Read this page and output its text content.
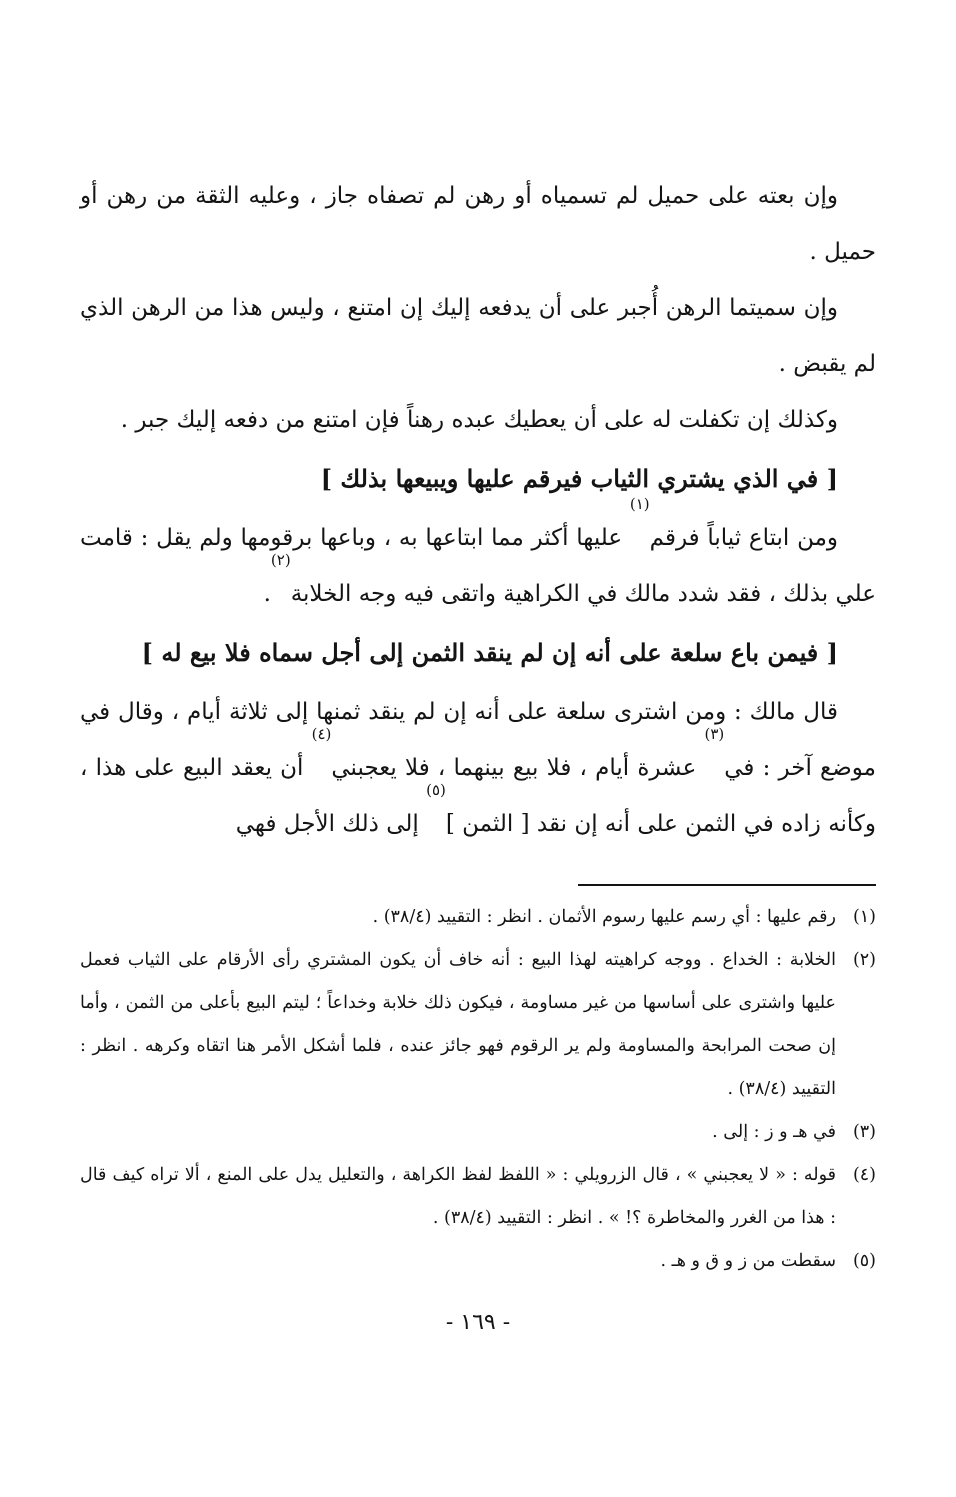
وإن بعته على حميل لم تسمياه أو رهن لم تصفاه جاز ، وعليه الثقة من رهن أو حميل .

وإن سميتما الرهن أُجبر على أن يدفعه إليك إن امتنع ، وليس هذا من الرهن الذي لم يقبض .

وكذلك إن تكفلت له على أن يعطيك عبده رهناً فإن امتنع من دفعه إليك جبر .

[ في الذي يشتري الثياب فيرقم عليها ويبيعها بذلك ]

ومن ابتاع ثياباً فرقم$^{(١)}$ عليها أكثر مما ابتاعها به ، وباعها برقومها ولم يقل : قامت علي بذلك ، فقد شدد مالك في الكراهية واتقى فيه وجه الخلابة$^{(٢)}$.

[ فيمن باع سلعة على أنه إن لم ينقد الثمن إلى أجل سماه فلا بيع له ]

قال مالك : ومن اشترى سلعة على أنه إن لم ينقد ثمنها إلى ثلاثة أيام ، وقال في موضع آخر : في$^{(٣)}$ عشرة أيام ، فلا بيع بينهما ، فلا يعجبني$^{(٤)}$ أن يعقد البيع على هذا ، وكأنه زاده في الثمن على أنه إن نقد [ الثمن ]$^{(٥)}$ إلى ذلك الأجل فهي

(١)
رقم عليها : أي رسم عليها رسوم الأثمان . انظر : التقييد (٣٨/٤) .
(٢)
الخلابة : الخداع . ووجه كراهيته لهذا البيع : أنه خاف أن يكون المشتري رأى الأرقام على الثياب فعمل عليها واشترى على أساسها من غير مساومة ، فيكون ذلك خلابة وخداعاً ؛ ليتم البيع بأعلى من الثمن ، وأما إن صحت المرابحة والمساومة ولم ير الرقوم فهو جائز عنده ، فلما أشكل الأمر هنا اتقاه وكرهه . انظر : التقييد (٣٨/٤) .
(٣)
في هـ و ز : إلى .
(٤)
قوله : « لا يعجبني » ، قال الزرويلي : « اللفظ لفظ الكراهة ، والتعليل يدل على المنع ، ألا تراه كيف قال : هذا من الغرر والمخاطرة ؟! » . انظر : التقييد (٣٨/٤) .
(٥)
سقطت من ز و ق و هـ .
- ١٦٩ -
